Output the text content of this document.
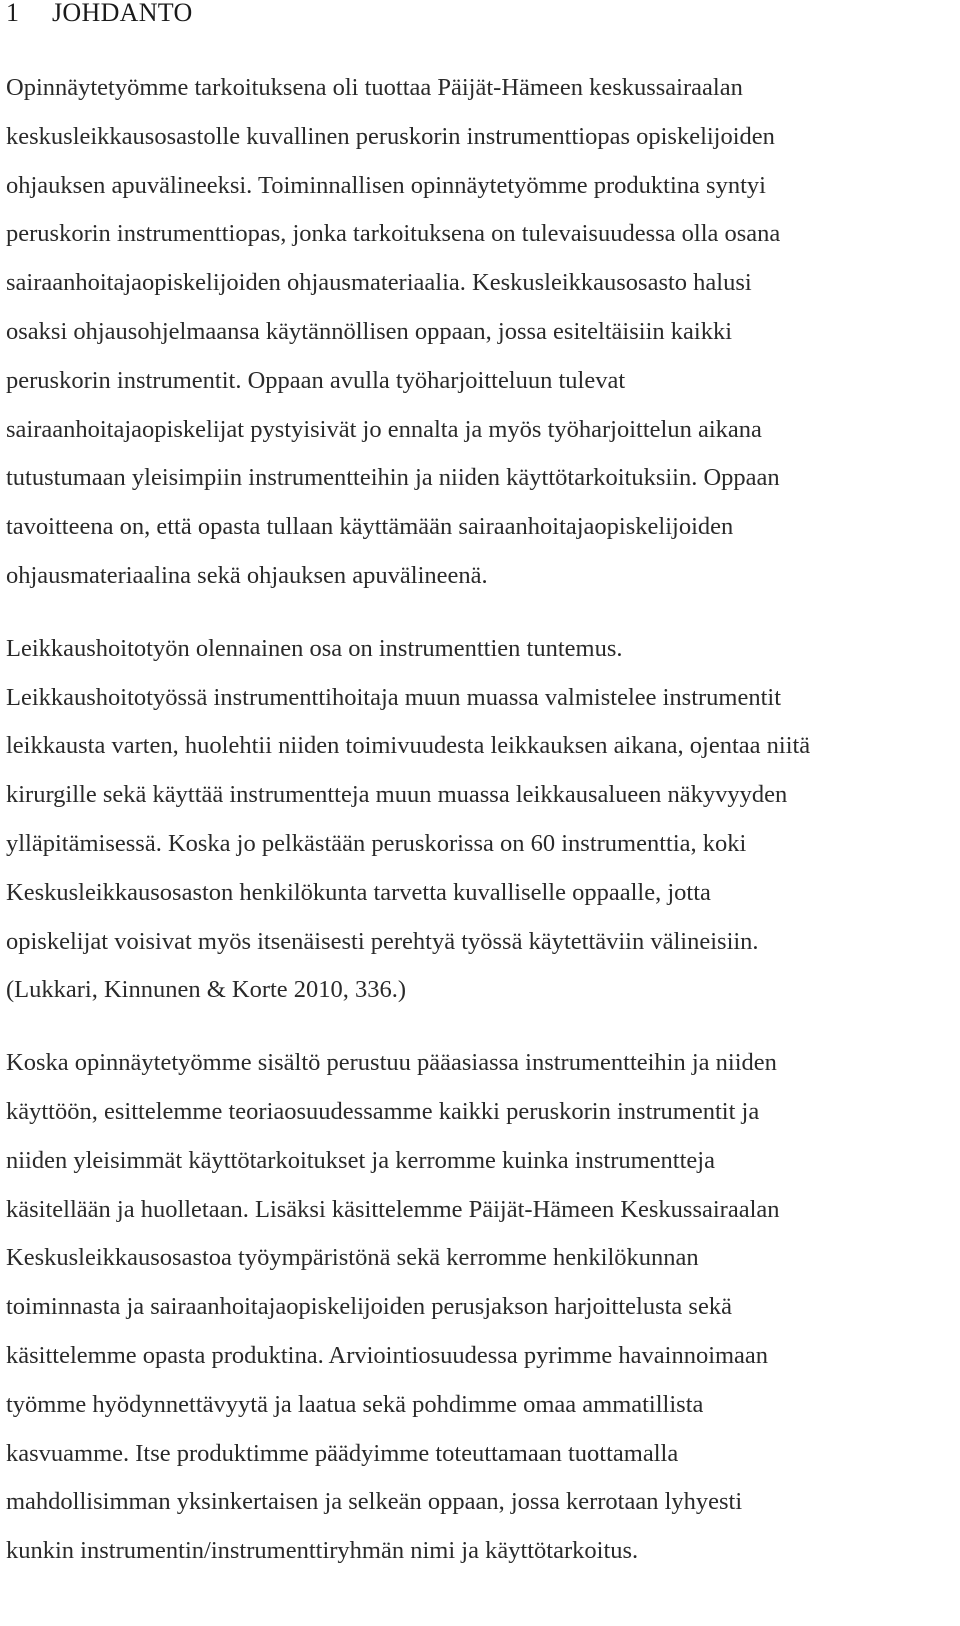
1 JOHDANTO

Opinnäytetyömme tarkoituksena oli tuottaa Päijät-Hämeen keskussairaalan
keskusleikkausosastolle kuvallinen peruskorin instrumenttiopas opiskelijoiden
ohjauksen apuvälineeksi. Toiminnallisen opinnäytetyömme produktina syntyi
peruskorin instrumenttiopas, jonka tarkoituksena on tulevaisuudessa olla osana
sairaanhoitajaopiskelijoiden ohjausmateriaalia. Keskusleikkausosasto halusi
osaksi ohjausohjelmaansa käytännöllisen oppaan, jossa esiteltäisiin kaikki
peruskorin instrumentit. Oppaan avulla työharjoitteluun tulevat
sairaanhoitajaopiskelijat pystyisivät jo ennalta ja myös työharjoittelun aikana
tutustumaan yleisimpiin instrumentteihin ja niiden käyttötarkoituksiin. Oppaan
tavoitteena on, että opasta tullaan käyttämään sairaanhoitajaopiskelijoiden
ohjausmateriaalina sekä ohjauksen apuvälineenä.

Leikkaushoitotyön olennainen osa on instrumenttien tuntemus.
Leikkaushoitotyössä instrumenttihoitaja muun muassa valmistelee instrumentit
leikkausta varten, huolehtii niiden toimivuudesta leikkauksen aikana, ojentaa niitä
kirurgille sekä käyttää instrumentteja muun muassa leikkausalueen näkyvyyden
ylläpitämisessä. Koska jo pelkästään peruskorissa on 60 instrumenttia, koki
Keskusleikkausosaston henkilökunta tarvetta kuvalliselle oppaalle, jotta
opiskelijat voisivat myös itsenäisesti perehtyä työssä käytettäviin välineisiin.
(Lukkari, Kinnunen & Korte 2010, 336.)

Koska opinnäytetyömme sisältö perustuu pääasiassa instrumentteihin ja niiden
käyttöön, esittelemme teoriaosuudessamme kaikki peruskorin instrumentit ja
niiden yleisimmät käyttötarkoitukset ja kerromme kuinka instrumentteja
käsitellään ja huolletaan. Lisäksi käsittelemme Päijät-Hämeen Keskussairaalan
Keskusleikkausosastoa työympäristönä sekä kerromme henkilökunnan
toiminnasta ja sairaanhoitajaopiskelijoiden perusjakson harjoittelusta sekä
käsittelemme opasta produktina. Arviointiosuudessa pyrimme havainnoimaan
työmme hyödynnettävyytä ja laatua sekä pohdimme omaa ammatillista
kasvuamme. Itse produktimme päädyimme toteuttamaan tuottamalla
mahdollisimman yksinkertaisen ja selkeän oppaan, jossa kerrotaan lyhyesti
kunkin instrumentin/instrumenttiryhmän nimi ja käyttötarkoitus.
